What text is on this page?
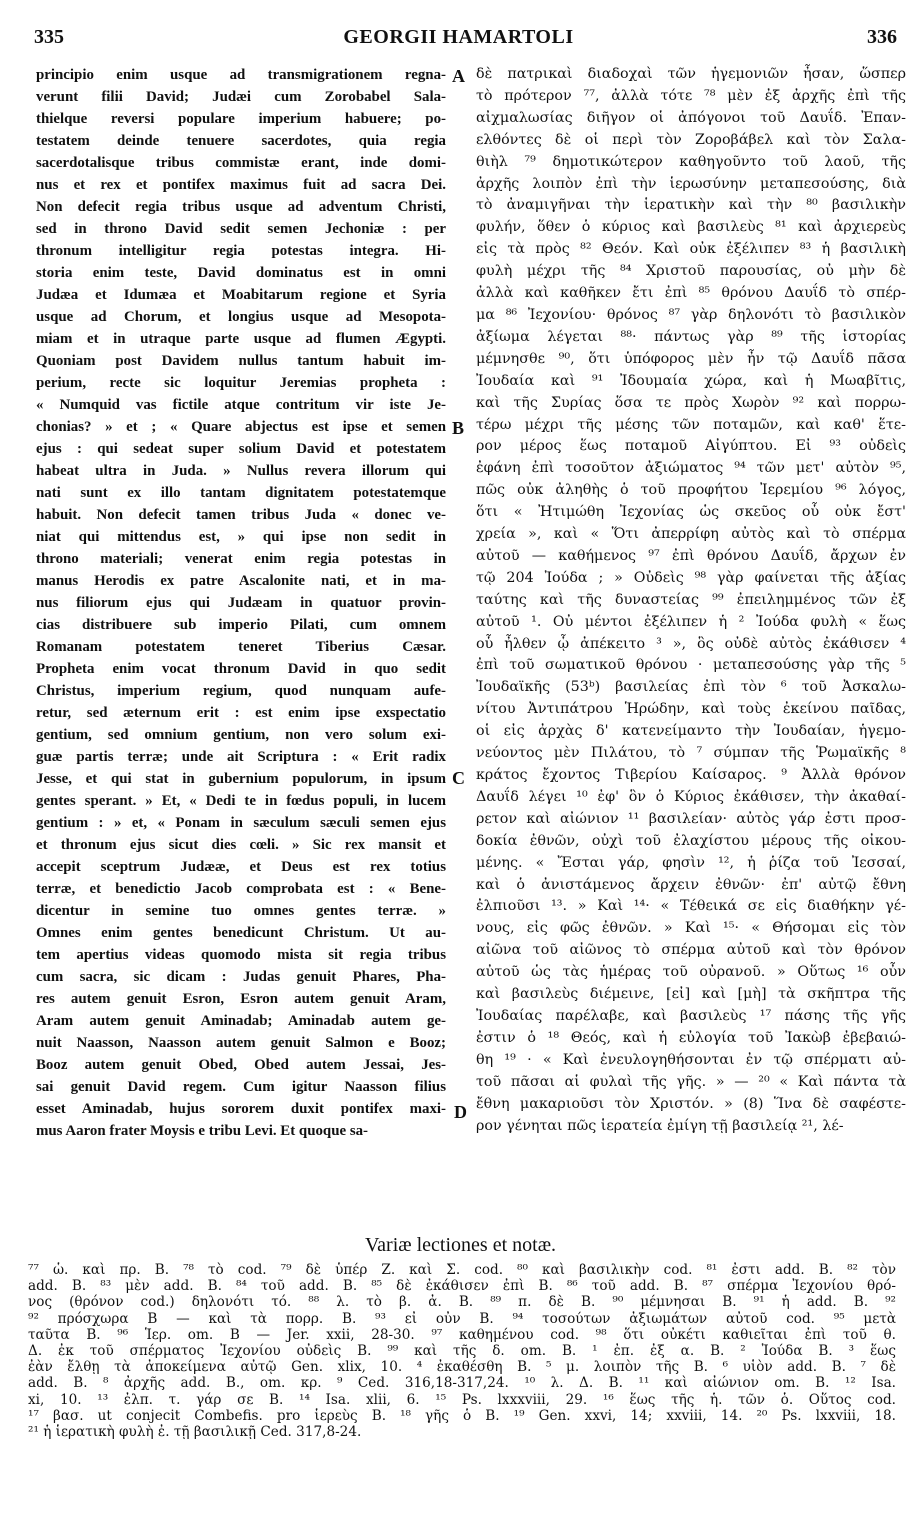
335	GEORGII HAMARTOLI	336
principio enim usque ad transmigrationem regna-
verunt filii David; Judæi cum Zorobabel Sala-
thielque reversi populare imperium habuere; po-
testatem deinde tenuere sacerdotes, quia regia
sacerdotalisque tribus commistæ erant, inde domi-
nus et rex et pontifex maximus fuit ad sacra Dei.
Non defecit regia tribus usque ad adventum Christi,
sed in throno David sedit semen Jechoniæ : per
thronum intelligitur regia potestas integra. Hi-
storia enim teste, David dominatus est in omni
Judæa et Idumæa et Moabitarum regione et Syria
usque ad Chorum, et longius usque ad Mesopota-
miam et in utraque parte usque ad flumen Ægypti.
Quoniam post Davidem nullus tantum habuit im-
perium, recte sic loquitur Jeremias propheta :
« Numquid vas fictile atque contritum vir iste Je-
chonias? » et ; « Quare abjectus est ipse et semen
ejus : qui sedeat super solium David et potestatem
habeat ultra in Juda. » Nullus revera illorum qui
nati sunt ex illo tantam dignitatem potestatemque
habuit. Non defecit tamen tribus Juda « donec ve-
niat qui mittendus est, » qui ipse non sedit in
throno materiali; venerat enim regia potestas in
manus Herodis ex patre Ascalonite nati, et in ma-
nus filiorum ejus qui Judæam in quatuor provin-
cias distribuere sub imperio Pilati, cum omnem
Romanam potestatem teneret Tiberius Cæsar.
Propheta enim vocat thronum David in quo sedit
Christus, imperium regium, quod nunquam aufe-
retur, sed æternum erit : est enim ipse exspectatio
gentium, sed omnium gentium, non vero solum exi-
guæ partis terræ; unde ait Scriptura : « Erit radix
Jesse, et qui stat in gubernium populorum, in ipsum
gentes sperant. » Et, « Dedi te in fœdus populi, in lucem
gentium : » et, « Ponam in sæculum sæculi semen ejus
et thronum ejus sicut dies cœli. » Sic rex mansit et
accepit sceptrum Judææ, et Deus est rex totius
terræ, et benedictio Jacob comprobata est : « Bene-
dicentur in semine tuo omnes gentes terræ. »
Omnes enim gentes benedicunt Christum. Ut au-
tem apertius videas quomodo mista sit regia tribus
cum sacra, sic dicam : Judas genuit Phares, Pha-
res autem genuit Esron, Esron autem genuit Aram,
Aram autem genuit Aminadab; Aminadab autem ge-
nuit Naasson, Naasson autem genuit Salmon e Booz;
Booz autem genuit Obed, Obed autem Jessai, Jes-
sai genuit David regem. Cum igitur Naasson filius
esset Aminadab, hujus sororem duxit pontifex maxi-
mus Aaron frater Moysis e tribu Levi. Et quoque sa-
δὲ πατρικαὶ διαδοχαὶ τῶν ἡγεμονιῶν ἦσαν, ὥσπερ
τὸ πρότερον ⁷⁷, ἀλλὰ τότε ⁷⁸ μὲν ἐξ ἀρχῆς ἐπὶ τῆς
αἰχμαλωσίας διῆγον οἱ ἀπόγονοι τοῦ Δαυΐδ. Ἐπαν-
ελθόντες δὲ οἱ περὶ τὸν Ζοροβάβελ καὶ τὸν Σαλα-
θιὴλ ⁷⁹ δημοτικώτερον καθηγοῦντο τοῦ λαοῦ, τῆς
ἀρχῆς λοιπὸν ἐπὶ τὴν ἱερωσύνην μεταπεσούσης, διὰ
τὸ ἀναμιγῆναι τὴν ἱερατικὴν καὶ τὴν ⁸⁰ βασιλικὴν
φυλήν, ὅθεν ὁ κύριος καὶ βασιλεὺς ⁸¹ καὶ ἀρχιερεὺς
εἰς τὰ πρὸς ⁸² Θεόν. Καὶ οὐκ ἐξέλιπεν ⁸³ ἡ βασιλικὴ
φυλὴ μέχρι τῆς ⁸⁴ Χριστοῦ παρουσίας, οὐ μὴν δὲ
ἀλλὰ καὶ καθῆκεν ἔτι ἐπὶ ⁸⁵ θρόνου Δαυΐδ τὸ σπέρ-
μα ⁸⁶ Ἰεχονίου· θρόνος ⁸⁷ γὰρ δηλονότι τὸ βασιλικὸν
ἀξίωμα λέγεται ⁸⁸· πάντως γὰρ ⁸⁹ τῆς ἱστορίας
μέμνησθε ⁹⁰, ὅτι ὑπόφορος μὲν ἦν τῷ Δαυΐδ πᾶσα
Ἰουδαία καὶ ⁹¹ Ἰδουμαία χώρα, καὶ ἡ Μωαβῖτις,
καὶ τῆς Συρίας ὅσα τε πρὸς Χωρὸν ⁹² καὶ πορρω-
τέρω μέχρι τῆς μέσης τῶν ποταμῶν, καὶ καθ' ἕτε-
ρον μέρος ἕως ποταμοῦ Αἰγύπτου. Εἰ ⁹³ οὐδεὶς
ἐφάνη ἐπὶ τοσοῦτον ἀξιώματος ⁹⁴ τῶν μετ' αὐτὸν ⁹⁵,
πῶς οὐκ ἀληθὴς ὁ τοῦ προφήτου Ἰερεμίου ⁹⁶ λόγος,
ὅτι « Ἠτιμώθη Ἰεχονίας ὡς σκεῦος οὗ οὐκ ἔστ'
χρεία », καὶ « Ὅτι ἀπερρίφη αὐτὸς καὶ τὸ σπέρμα
αὐτοῦ — καθήμενος ⁹⁷ ἐπὶ θρόνου Δαυΐδ, ἄρχων ἐν
τῷ 204 Ἰούδα ; » Οὐδεὶς ⁹⁸ γὰρ φαίνεται τῆς ἀξίας
ταύτης καὶ τῆς δυναστείας ⁹⁹ ἐπειλημμένος τῶν ἐξ
αὐτοῦ ¹. Οὐ μέντοι ἐξέλιπεν ἡ ² Ἰούδα φυλὴ « ἕως
οὗ ἦλθεν ᾧ ἀπέκειτο ³ », ὃς οὐδὲ αὐτὸς ἐκάθισεν ⁴
ἐπὶ τοῦ σωματικοῦ θρόνου · μεταπεσούσης γὰρ τῆς ⁵
Ἰουδαϊκῆς (53ᵇ) βασιλείας ἐπὶ τὸν ⁶ τοῦ Ἀσκαλω-
νίτου Ἀντιπάτρου Ἡρώδην, καὶ τοὺς ἐκείνου παῖδας,
οἱ εἰς ἀρχὰς δ' κατενείμαντο τὴν Ἰουδαίαν, ἡγεμο-
νεύοντος μὲν Πιλάτου, τὸ ⁷ σύμπαν τῆς Ῥωμαϊκῆς ⁸
κράτος ἔχοντος Τιβερίου Καίσαρος. ⁹ Ἀλλὰ θρόνον
Δαυΐδ λέγει ¹⁰ ἐφ' ὃν ὁ Κύριος ἐκάθισεν, τὴν ἀκαθαί-
ρετον καὶ αἰώνιον ¹¹ βασιλείαν· αὐτὸς γάρ ἐστι προσ-
δοκία ἐθνῶν, οὐχὶ τοῦ ἐλαχίστου μέρους τῆς οἰκου-
μένης. « Ἔσται γάρ, φησὶν ¹², ἡ ῥίζα τοῦ Ἰεσσαί,
καὶ ὁ ἀνιστάμενος ἄρχειν ἐθνῶν· ἐπ' αὐτῷ ἔθνη
ἐλπιοῦσι ¹³. » Καὶ ¹⁴· « Τέθεικά σε εἰς διαθήκην γέ-
νους, εἰς φῶς ἐθνῶν. » Καὶ ¹⁵· « Θήσομαι εἰς τὸν
αἰῶνα τοῦ αἰῶνος τὸ σπέρμα αὐτοῦ καὶ τὸν θρόνον
αὐτοῦ ὡς τὰς ἡμέρας τοῦ οὐρανοῦ. » Οὕτως ¹⁶ οὖν
καὶ βασιλεὺς διέμεινε, [εἰ] καὶ [μὴ] τὰ σκῆπτρα τῆς
Ἰουδαίας παρέλαβε, καὶ βασιλεὺς ¹⁷ πάσης τῆς γῆς
ἐστιν ὁ ¹⁸ Θεός, καὶ ἡ εὐλογία τοῦ Ἰακὼβ ἐβεβαιώ-
θη ¹⁹ · « Καὶ ἐνευλογηθήσονται ἐν τῷ σπέρματι αὐ-
τοῦ πᾶσαι αἱ φυλαὶ τῆς γῆς. » — ²⁰ « Καὶ πάντα τὰ
ἔθνη μακαριοῦσι τὸν Χριστόν. » (8) Ἵνα δὲ σαφέστε-
ρον γένηται πῶς ἱερατεία ἐμίγη τῇ βασιλείᾳ ²¹, λέ-
A
B
C
D
Variæ lectiones et notæ.
⁷⁷ ὡ. καὶ πρ. B. ⁷⁸ τὸ cod. ⁷⁹ δὲ ὑπέρ Ζ. καὶ Σ. cod. ⁸⁰ καὶ βασιλικὴν cod. ⁸¹ ἐστι add. B. ⁸² τὸν
add. B. ⁸³ μὲν add. B. ⁸⁴ τοῦ add. B. ⁸⁵ δὲ ἐκάθισεν ἐπὶ B. ⁸⁶ τοῦ add. B. ⁸⁷ σπέρμα Ἰεχονίου θρό-
νος (θρόνον cod.) δηλονότι τό. ⁸⁸ λ. τὸ β. ἀ. B. ⁸⁹ π. δὲ B. ⁹⁰ μέμνησαι B. ⁹¹ ἡ add. B. ⁹²
⁹² πρόσχωρα B — καὶ τὰ πορρ. B. ⁹³ εἰ οὖν B. ⁹⁴ τοσούτων ἀξιωμάτων αὐτοῦ cod. ⁹⁵ μετὰ
ταῦτα B. ⁹⁶ Ἱερ. om. B — Jer. xxii, 28-30. ⁹⁷ καθημένου cod. ⁹⁸ ὅτι οὐκέτι καθιεῖται ἐπὶ τοῦ θ.
Δ. ἐκ τοῦ σπέρματος Ἰεχονίου οὐδεὶς B. ⁹⁹ καὶ τῆς δ. om. B. ¹ ἐπ. ἐξ α. B. ² Ἰούδα B. ³ ἕως
ἐὰν ἔλθῃ τὰ ἀποκείμενα αὐτῷ Gen. xlix, 10. ⁴ ἐκαθέσθη B. ⁵ μ. λοιπὸν τῆς B. ⁶ υἱὸν add. B. ⁷ δὲ
add. B. ⁸ ἀρχῆς add. B., om. κρ. ⁹ Ced. 316,18-317,24. ¹⁰ λ. Δ. B. ¹¹ καὶ αἰώνιον om. B. ¹² Isa.
xi, 10. ¹³ ἐλπ. τ. γάρ σε B. ¹⁴ Isa. xlii, 6. ¹⁵ Ps. lxxxviii, 29. ¹⁶ ἕως τῆς ἡ. τῶν ὁ. Οὕτος cod.
¹⁷ βασ. ut conjecit Combefis. pro ἱερεὺς B. ¹⁸ γῆς ὁ B. ¹⁹ Gen. xxvi, 14; xxviii, 14. ²⁰ Ps. lxxviii, 18.
²¹ ἡ ἱερατικὴ φυλὴ ἐ. τῇ βασιλικῇ Ced. 317,8-24.
